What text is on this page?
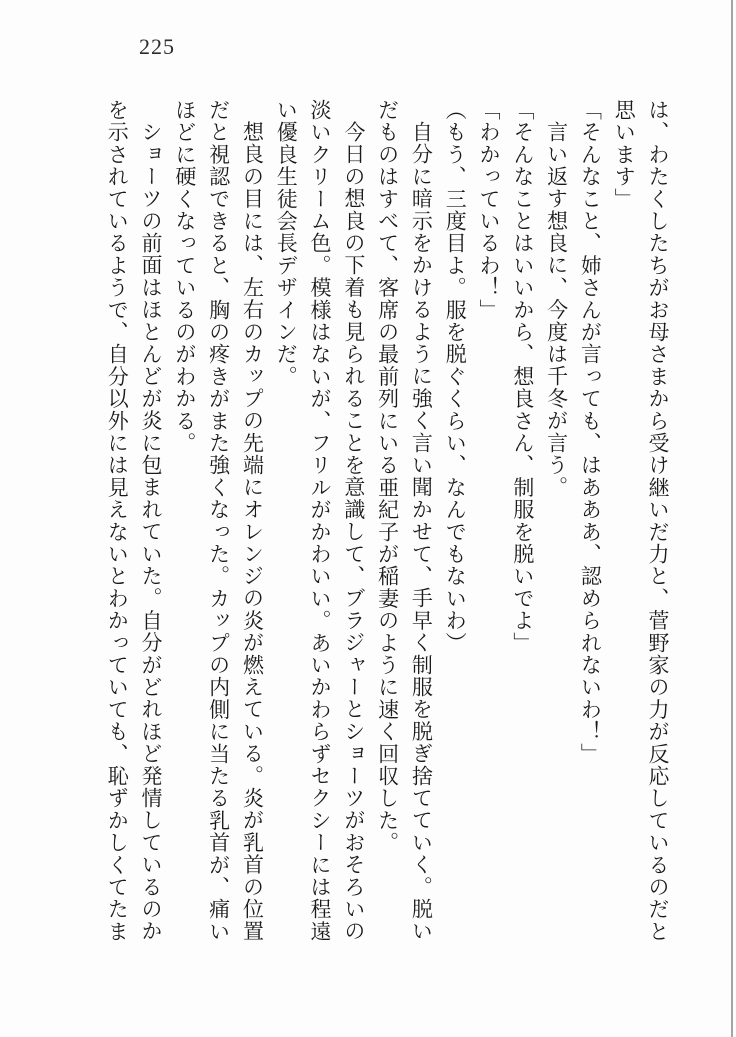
225

は、わたくしたちがお母さまから受け継いだ力と、菅野家の力が反応しているのだと

思います」

「そんなこと、姉さんが言っても、はあああ、認められないわ！」

言い返す想良に、今度は千冬が言う。

「そんなことはいいから、想良さん、制服を脱いでよ」

「わかっているわ！」

（もう、三度目よ。服を脱ぐくらい、なんでもないわ）

自分に暗示をかけるように強く言い聞かせて、手早く制服を脱ぎ捨てていく。脱い

だものはすべて、客席の最前列にいる亜紀子が稲妻のように速く回収した。

今日の想良の下着も見られることを意識して、ブラジャーとショーツがおそろいの

淡いクリーム色。模様はないが、フリルがかわいい。あいかわらずセクシーには程遠

い優良生徒会長デザインだ。

想良の目には、左右のカップの先端にオレンジの炎が燃えている。炎が乳首の位置

だと視認できると、胸の疼きがまた強くなった。カップの内側に当たる乳首が、痛い

ほどに硬くなっているのがわかる。

ショーツの前面はほとんどが炎に包まれていた。自分がどれほど発情しているのか

を示されているようで、自分以外には見えないとわかっていても、恥ずかしくてたま
